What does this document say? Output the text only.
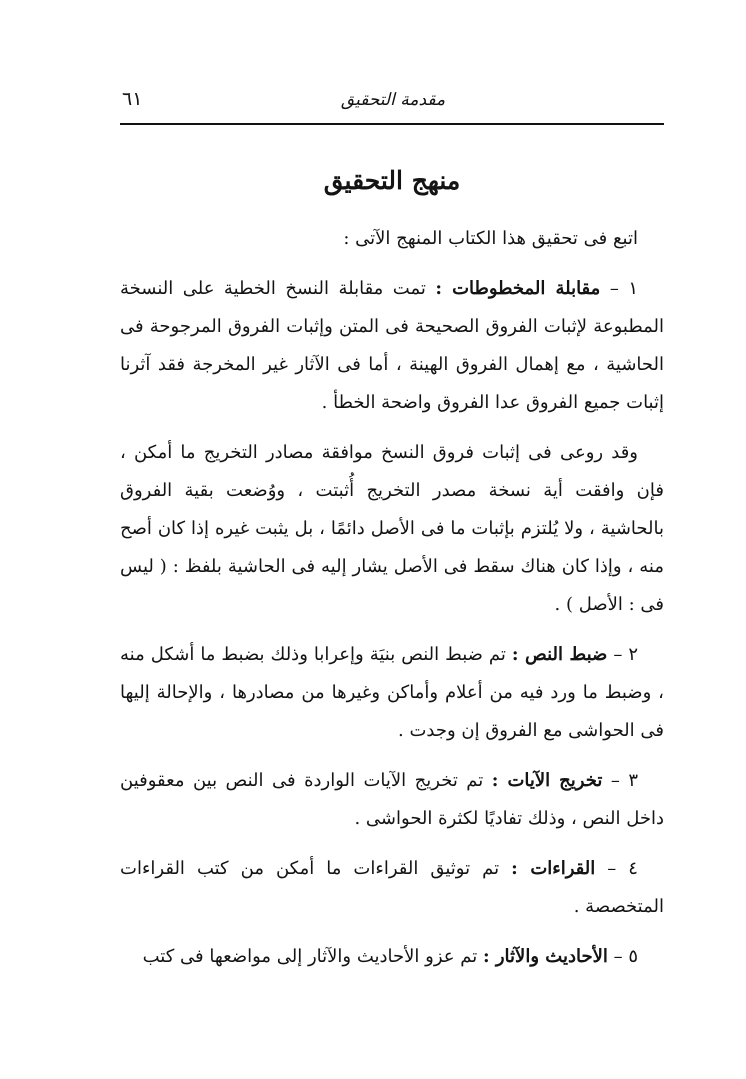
مقدمة التحقيق
٦١
منهج التحقيق

اتبع فى تحقيق هذا الكتاب المنهج الآتى :

١ – مقابلة المخطوطات : تمت مقابلة النسخ الخطية على النسخة المطبوعة لإثبات الفروق الصحيحة فى المتن وإثبات الفروق المرجوحة فى الحاشية ، مع إهمال الفروق الهينة ، أما فى الآثار غير المخرجة فقد آثرنا إثبات جميع الفروق عدا الفروق واضحة الخطأ .

وقد روعى فى إثبات فروق النسخ موافقة مصادر التخريج ما أمكن ، فإن وافقت أية نسخة مصدر التخريج أُثبتت ، ووُضعت بقية الفروق بالحاشية ، ولا يُلتزم بإثبات ما فى الأصل دائمًا ، بل يثبت غيره إذا كان أصح منه ، وإذا كان هناك سقط فى الأصل يشار إليه فى الحاشية بلفظ : ( ليس فى : الأصل ) .

٢ – ضبط النص : تم ضبط النص بنيَة وإعرابا وذلك بضبط ما أشكل منه ، وضبط ما ورد فيه من أعلام وأماكن وغيرها من مصادرها ، والإحالة إليها فى الحواشى مع الفروق إن وجدت .

٣ – تخريج الآيات : تم تخريج الآيات الواردة فى النص بين معقوفين داخل النص ، وذلك تفاديًا لكثرة الحواشى .

٤ – القراءات : تم توثيق القراءات ما أمكن من كتب القراءات المتخصصة .

٥ – الأحاديث والآثار : تم عزو الأحاديث والآثار إلى مواضعها فى كتب
